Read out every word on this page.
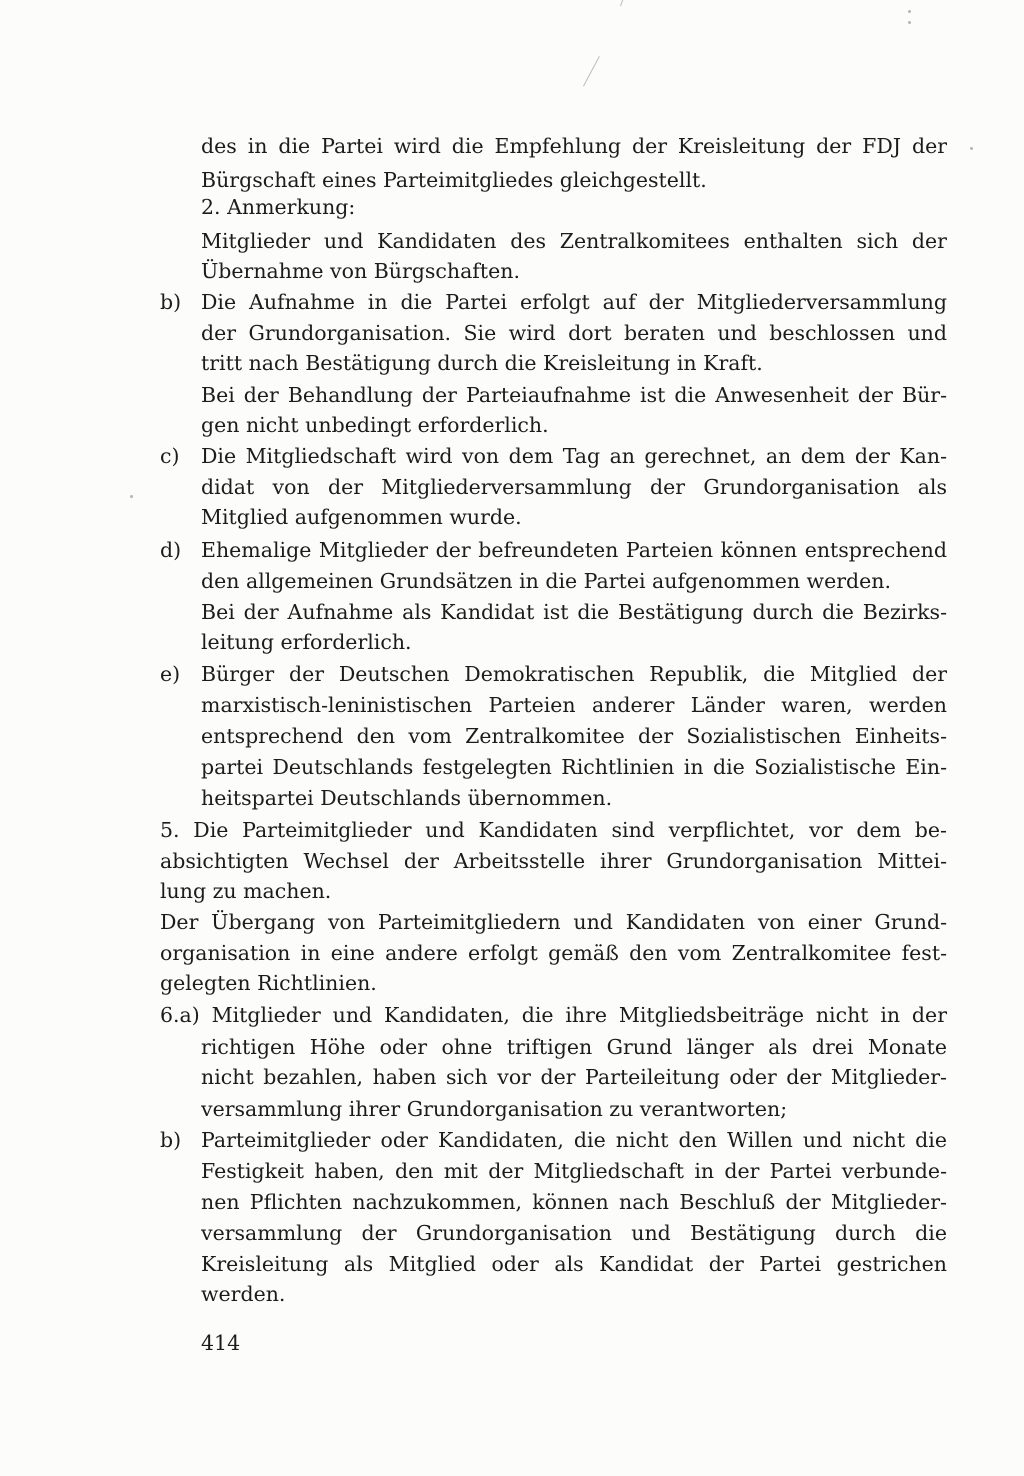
des in die Partei wird die Empfehlung der Kreisleitung der FDJ der
Bürgschaft eines Parteimitgliedes gleichgestellt.
2. Anmerkung:
Mitglieder und Kandidaten des Zentralkomitees enthalten sich der
Übernahme von Bürgschaften.
b) Die Aufnahme in die Partei erfolgt auf der Mitgliederversammlung
der Grundorganisation. Sie wird dort beraten und beschlossen und
tritt nach Bestätigung durch die Kreisleitung in Kraft.
Bei der Behandlung der Parteiaufnahme ist die Anwesenheit der Bür-
gen nicht unbedingt erforderlich.
c) Die Mitgliedschaft wird von dem Tag an gerechnet, an dem der Kan-
didat von der Mitgliederversammlung der Grundorganisation als
Mitglied aufgenommen wurde.
d) Ehemalige Mitglieder der befreundeten Parteien können entsprechend
den allgemeinen Grundsätzen in die Partei aufgenommen werden.
Bei der Aufnahme als Kandidat ist die Bestätigung durch die Bezirks-
leitung erforderlich.
e) Bürger der Deutschen Demokratischen Republik, die Mitglied der
marxistisch-leninistischen Parteien anderer Länder waren, werden
entsprechend den vom Zentralkomitee der Sozialistischen Einheits-
partei Deutschlands festgelegten Richtlinien in die Sozialistische Ein-
heitspartei Deutschlands übernommen.
5. Die Parteimitglieder und Kandidaten sind verpflichtet, vor dem be-
absichtigten Wechsel der Arbeitsstelle ihrer Grundorganisation Mittei-
lung zu machen.
Der Übergang von Parteimitgliedern und Kandidaten von einer Grund-
organisation in eine andere erfolgt gemäß den vom Zentralkomitee fest-
gelegten Richtlinien.
6.a) Mitglieder und Kandidaten, die ihre Mitgliedsbeiträge nicht in der
richtigen Höhe oder ohne triftigen Grund länger als drei Monate
nicht bezahlen, haben sich vor der Parteileitung oder der Mitglieder-
versammlung ihrer Grundorganisation zu verantworten;
b) Parteimitglieder oder Kandidaten, die nicht den Willen und nicht die
Festigkeit haben, den mit der Mitgliedschaft in der Partei verbunde-
nen Pflichten nachzukommen, können nach Beschluß der Mitglieder-
versammlung der Grundorganisation und Bestätigung durch die
Kreisleitung als Mitglied oder als Kandidat der Partei gestrichen
werden.
414
